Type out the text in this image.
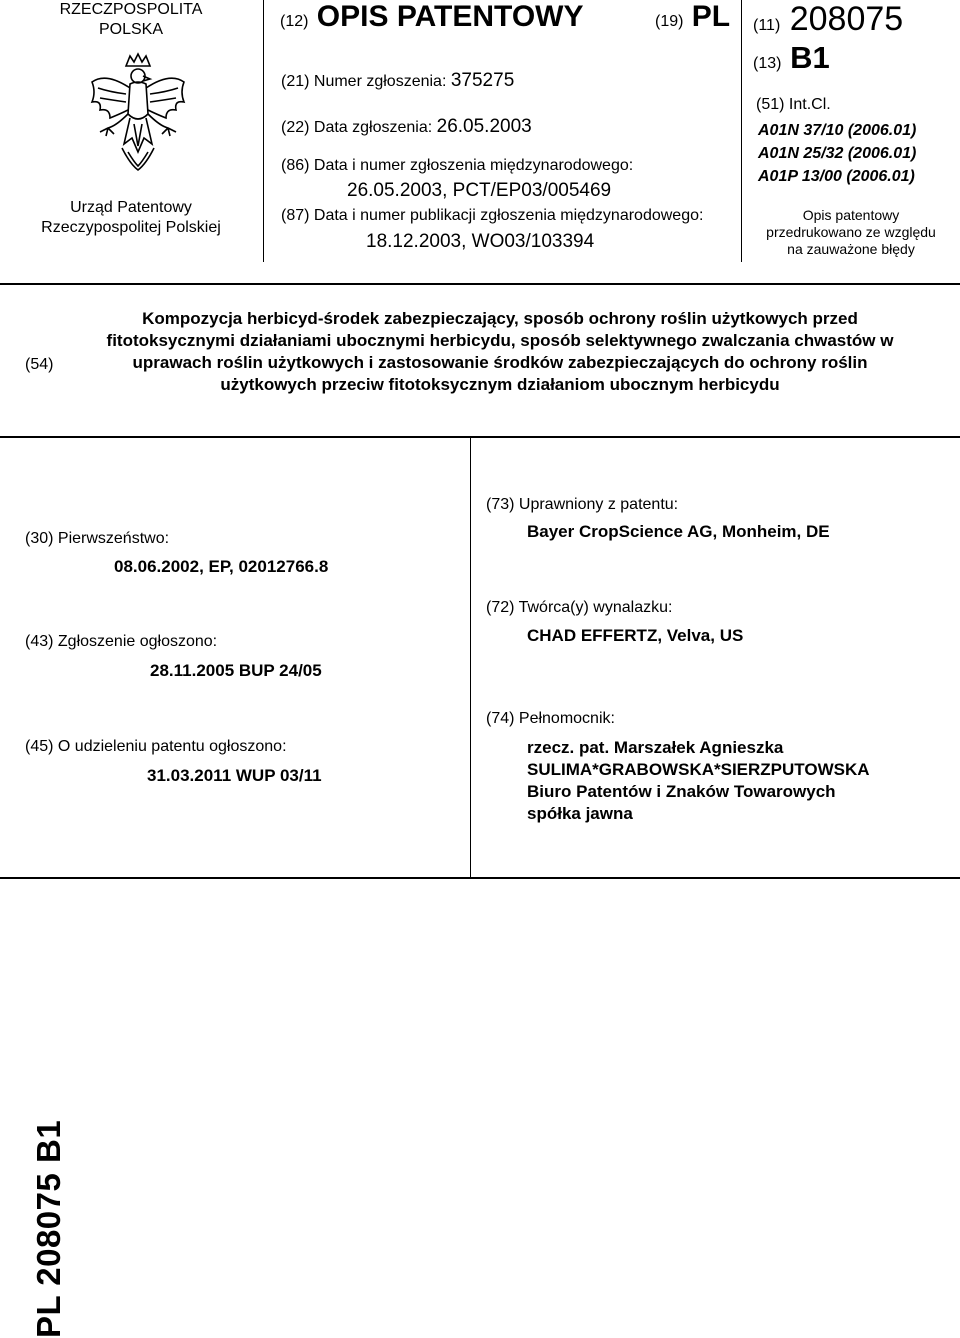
RZECZPOSPOLITA
POLSKA
Urząd Patentowy
Rzeczypospolitej Polskiej
(12) OPIS PATENTOWY	(19) PL
(21) Numer zgłoszenia: 375275
(22) Data zgłoszenia: 26.05.2003
(86) Data i numer zgłoszenia międzynarodowego:
26.05.2003, PCT/EP03/005469
(87) Data i numer publikacji zgłoszenia międzynarodowego:
18.12.2003, WO03/103394
(11) 208075
(13) B1
(51) Int.Cl.
A01N 37/10 (2006.01)
A01N 25/32 (2006.01)
A01P 13/00 (2006.01)
Opis patentowy
przedrukowano ze względu
na zauważone błędy
(54)
Kompozycja herbicyd-środek zabezpieczający, sposób ochrony roślin użytkowych przed fitotoksycznymi działaniami ubocznymi herbicydu, sposób selektywnego zwalczania chwastów w uprawach roślin użytkowych i zastosowanie środków zabezpieczających do ochrony roślin użytkowych przeciw fitotoksycznym działaniom ubocznym herbicydu
(30) Pierwszeństwo:
08.06.2002, EP, 02012766.8
(43) Zgłoszenie ogłoszono:
28.11.2005 BUP 24/05
(45) O udzieleniu patentu ogłoszono:
31.03.2011 WUP 03/11
(73) Uprawniony z patentu:
Bayer CropScience AG, Monheim, DE
(72) Twórca(y) wynalazku:
CHAD EFFERTZ, Velva, US
(74) Pełnomocnik:
rzecz. pat. Marszałek Agnieszka
SULIMA*GRABOWSKA*SIERZPUTOWSKA
Biuro Patentów i Znaków Towarowych
spółka jawna
PL 208075 B1
